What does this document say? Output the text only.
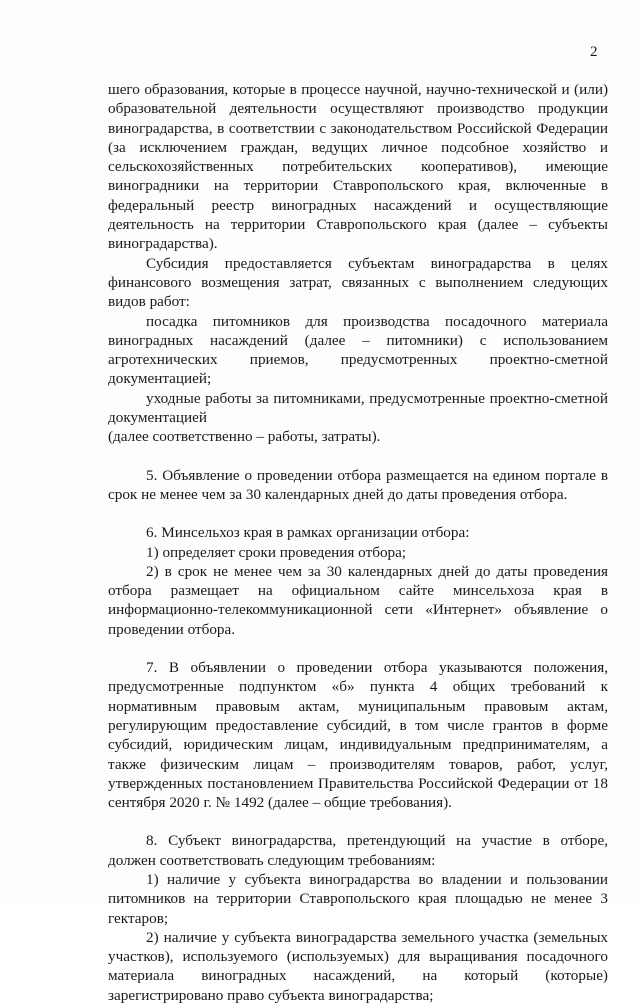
2

шего образования, которые в процессе научной, научно-технической и (или) образовательной деятельности осуществляют производство продукции виноградарства, в соответствии с законодательством Российской Федерации (за исключением граждан, ведущих личное подсобное хозяйство и сельскохозяйственных потребительских кооперативов), имеющие виноградники на территории Ставропольского края, включенные в федеральный реестр виноградных насаждений и осуществляющие деятельность на территории Ставропольского края (далее – субъекты виноградарства).

Субсидия предоставляется субъектам виноградарства в целях финансового возмещения затрат, связанных с выполнением следующих видов работ:

посадка питомников для производства посадочного материала виноградных насаждений (далее – питомники) с использованием агротехнических приемов, предусмотренных проектно-сметной документацией;

уходные работы за питомниками, предусмотренные проектно-сметной документацией

(далее соответственно – работы, затраты).

5. Объявление о проведении отбора размещается на едином портале в срок не менее чем за 30 календарных дней до даты проведения отбора.

6. Минсельхоз края в рамках организации отбора:

1) определяет сроки проведения отбора;

2) в срок не менее чем за 30 календарных дней до даты проведения отбора размещает на официальном сайте минсельхоза края в информационно-телекоммуникационной сети «Интернет» объявление о проведении отбора.

7. В объявлении о проведении отбора указываются положения, предусмотренные подпунктом «б» пункта 4 общих требований к нормативным правовым актам, муниципальным правовым актам, регулирующим предоставление субсидий, в том числе грантов в форме субсидий, юридическим лицам, индивидуальным предпринимателям, а также физическим лицам – производителям товаров, работ, услуг, утвержденных постановлением Правительства Российской Федерации от 18 сентября 2020 г. № 1492 (далее – общие требования).

8. Субъект виноградарства, претендующий на участие в отборе, должен соответствовать следующим требованиям:

1) наличие у субъекта виноградарства во владении и пользовании питомников на территории Ставропольского края площадью не менее 3 гектаров;

2) наличие у субъекта виноградарства земельного участка (земельных участков), используемого (используемых) для выращивания посадочного материала виноградных насаждений, на который (которые) зарегистрировано право субъекта виноградарства;
